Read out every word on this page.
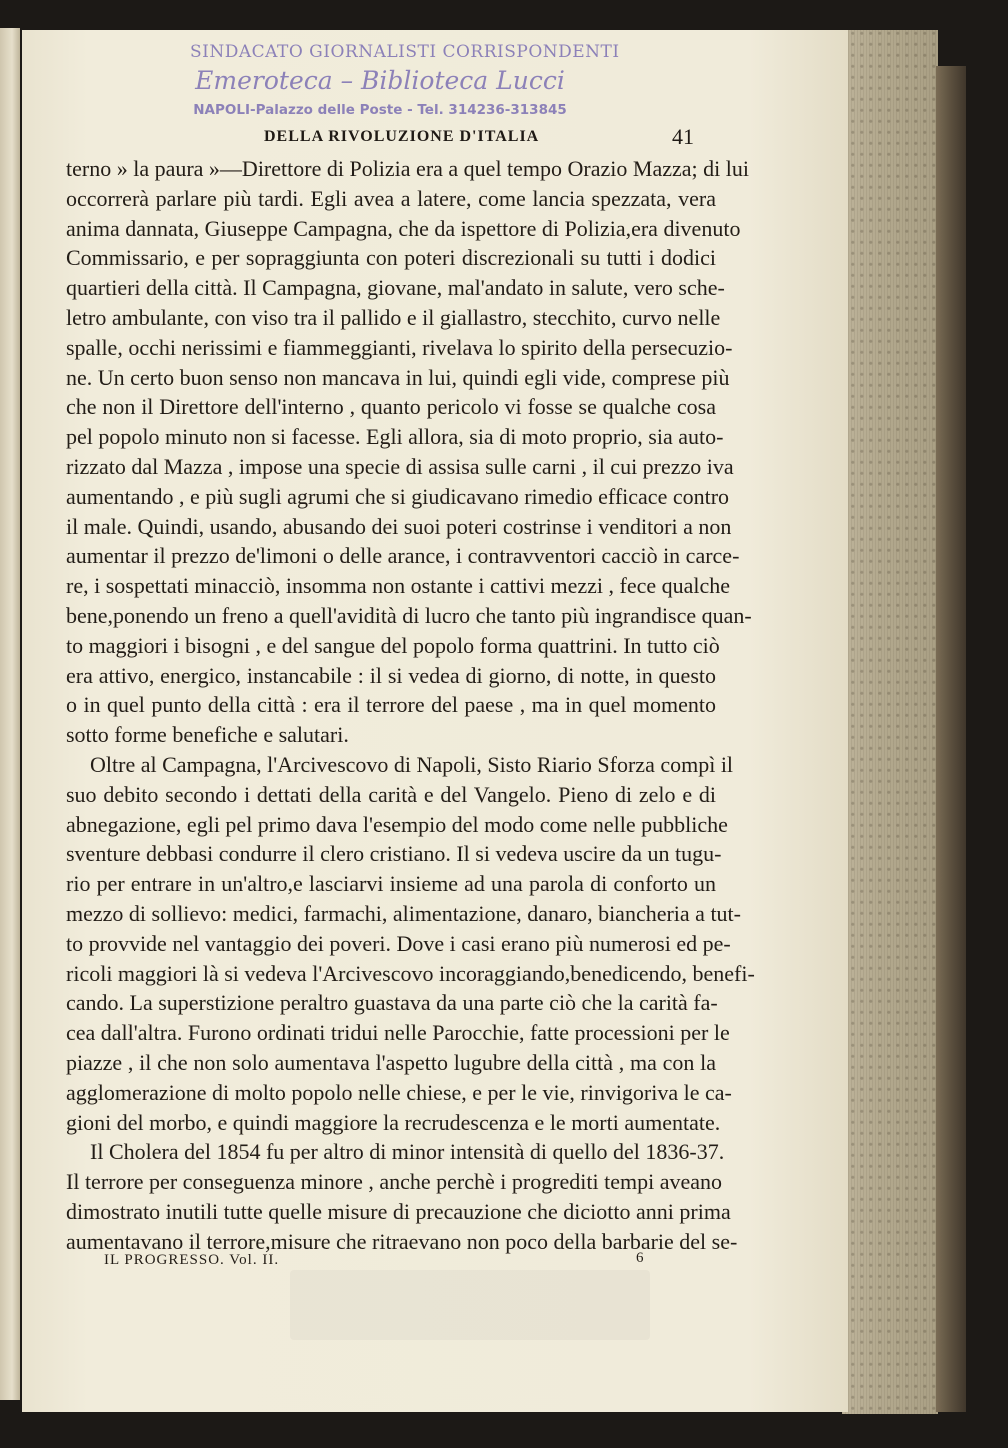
SINDACATO GIORNALISTI CORRISPONDENTI
Emeroteca – Biblioteca Lucci
NAPOLI-Palazzo delle Poste - Tel. 314236-313845
DELLA RIVOLUZIONE D'ITALIA	41
terno » la paura »—Direttore di Polizia era a quel tempo Orazio Mazza; di lui
occorrerà parlare più tardi. Egli avea a latere, come lancia spezzata, vera
anima dannata, Giuseppe Campagna, che da ispettore di Polizia,era divenuto
Commissario, e per sopraggiunta con poteri discrezionali su tutti i dodici
quartieri della città. Il Campagna, giovane, mal'andato in salute, vero sche-
letro ambulante, con viso tra il pallido e il giallastro, stecchito, curvo nelle
spalle, occhi nerissimi e fiammeggianti, rivelava lo spirito della persecuzio-
ne. Un certo buon senso non mancava in lui, quindi egli vide, comprese più
che non il Direttore dell'interno , quanto pericolo vi fosse se qualche cosa
pel popolo minuto non si facesse. Egli allora, sia di moto proprio, sia auto-
rizzato dal Mazza , impose una specie di assisa sulle carni , il cui prezzo iva
aumentando , e più sugli agrumi che si giudicavano rimedio efficace contro
il male. Quindi, usando, abusando dei suoi poteri costrinse i venditori a non
aumentar il prezzo de'limoni o delle arance, i contravventori cacciò in carce-
re, i sospettati minacciò, insomma non ostante i cattivi mezzi , fece qualche
bene,ponendo un freno a quell'avidità di lucro che tanto più ingrandisce quan-
to maggiori i bisogni , e del sangue del popolo forma quattrini. In tutto ciò
era attivo, energico, instancabile : il si vedea di giorno, di notte, in questo
o in quel punto della città : era il terrore del paese , ma in quel momento
sotto forme benefiche e salutari.
Oltre al Campagna, l'Arcivescovo di Napoli, Sisto Riario Sforza compì il
suo debito secondo i dettati della carità e del Vangelo. Pieno di zelo e di
abnegazione, egli pel primo dava l'esempio del modo come nelle pubbliche
sventure debbasi condurre il clero cristiano. Il si vedeva uscire da un tugu-
rio per entrare in un'altro,e lasciarvi insieme ad una parola di conforto un
mezzo di sollievo: medici, farmachi, alimentazione, danaro, biancheria a tut-
to provvide nel vantaggio dei poveri. Dove i casi erano più numerosi ed pe-
ricoli maggiori là si vedeva l'Arcivescovo incoraggiando,benedicendo, benefi-
cando. La superstizione peraltro guastava da una parte ciò che la carità fa-
cea dall'altra. Furono ordinati tridui nelle Parocchie, fatte processioni per le
piazze , il che non solo aumentava l'aspetto lugubre della città , ma con la
agglomerazione di molto popolo nelle chiese, e per le vie, rinvigoriva le ca-
gioni del morbo, e quindi maggiore la recrudescenza e le morti aumentate.
Il Cholera del 1854 fu per altro di minor intensità di quello del 1836-37.
Il terrore per conseguenza minore , anche perchè i progrediti tempi aveano
dimostrato inutili tutte quelle misure di precauzione che diciotto anni prima
aumentavano il terrore,misure che ritraevano non poco della barbarie del se-
IL PROGRESSO. Vol. II.	6
